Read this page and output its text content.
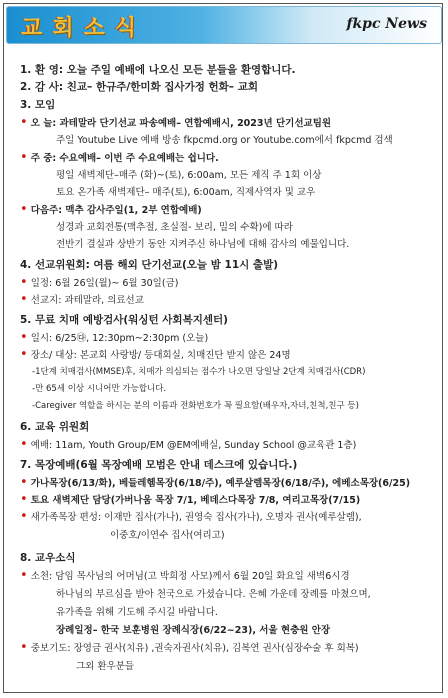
교회소식	fkpc News
1. 환 영: 오늘 주일 예배에 나오신 모든 분들을 환영합니다.
2. 감 사: 친교– 한규주/한미화 집사가정 헌화– 교회
3. 모임
• 오 늘: 과테말라 단기선교 파송예배– 연합예배시, 2023년 단기선교팀원
주일 Youtube Live 예배 방송 fkpcmd.org or Youtube.com에서 fkpcmd 검색
• 주 중: 수요예배– 이번 주 수요예배는 쉽니다.
평일 새벽제단–매주 (화)~(토), 6:00am, 모든 제직 주 1회 이상
토요 온가족 새벽제단– 매주(토), 6:00am, 직제사역자 및 교우
• 다음주: 맥추 감사주일(1, 2부 연합예배)
성경과 교회전통(맥추절, 초실절- 보리, 밀의 수확)에 따라
전반기 결실과 상반기 동안 지켜주신 하나님에 대해 감사의 예물입니다.
4. 선교위원회: 여름 해외 단기선교(오늘 밤 11시 출발)
• 일정: 6월 26일(월)~ 6월 30일(금)
• 선교지: 과테말라, 의료선교
5. 무료 치매 예방검사(워싱턴 사회복지센터)
• 일시: 6/25㉰, 12:30pm~2:30pm (오늘)
• 장소/ 대상: 본교회 사랑방/ 등대회실, 치매진단 받지 않은 24명
-1단계 치매검사(MMSE)후, 치매가 의심되는 점수가 나오면 당일날 2단계 치매검사(CDR)
-만 65세 이상 시니어만 가능합니다.
-Caregiver 역할을 하시는 분의 이름과 전화번호가 꼭 필요함(배우자,자녀,친척,친구 등)
6. 교육 위원회
• 예배: 11am, Youth Group/EM @EM예배실, Sunday School @교육관 1층)
7. 목장예배(6월 목장예배 모범은 안내 데스크에 있습니다.)
• 가나목장(6/13/화), 베들레헴목장(6/18/주), 예루살렘목장(6/18/주), 에베소목장(6/25)
• 토요 새벽제단 담당(가버나움 목장 7/1, 베데스다목장 7/8, 여리고목장(7/15)
• 새가족목장 편성: 이재만 집사(가나), 권영숙 집사(가나), 오명자 권사(예루살렘),
이중호/이연수 집사(여리고)
8. 교우소식
• 소천: 담임 목사님의 어머님(고 박희정 사모)께서 6월 20일 화요일 새벽6시경
하나님의 부르심을 받아 천국으로 가셨습니다. 은혜 가운데 장례를 마쳤으며,
유가족을 위해 기도해 주시길 바랍니다.
장례일정– 한국 보훈병원 장례식장(6/22~23), 서울 현충원 안장
• 중보기도: 장영금 권사(치유) ,권숙자권사(치유), 김복연 권사(심장수술 후 회복)
그외 환우분들
